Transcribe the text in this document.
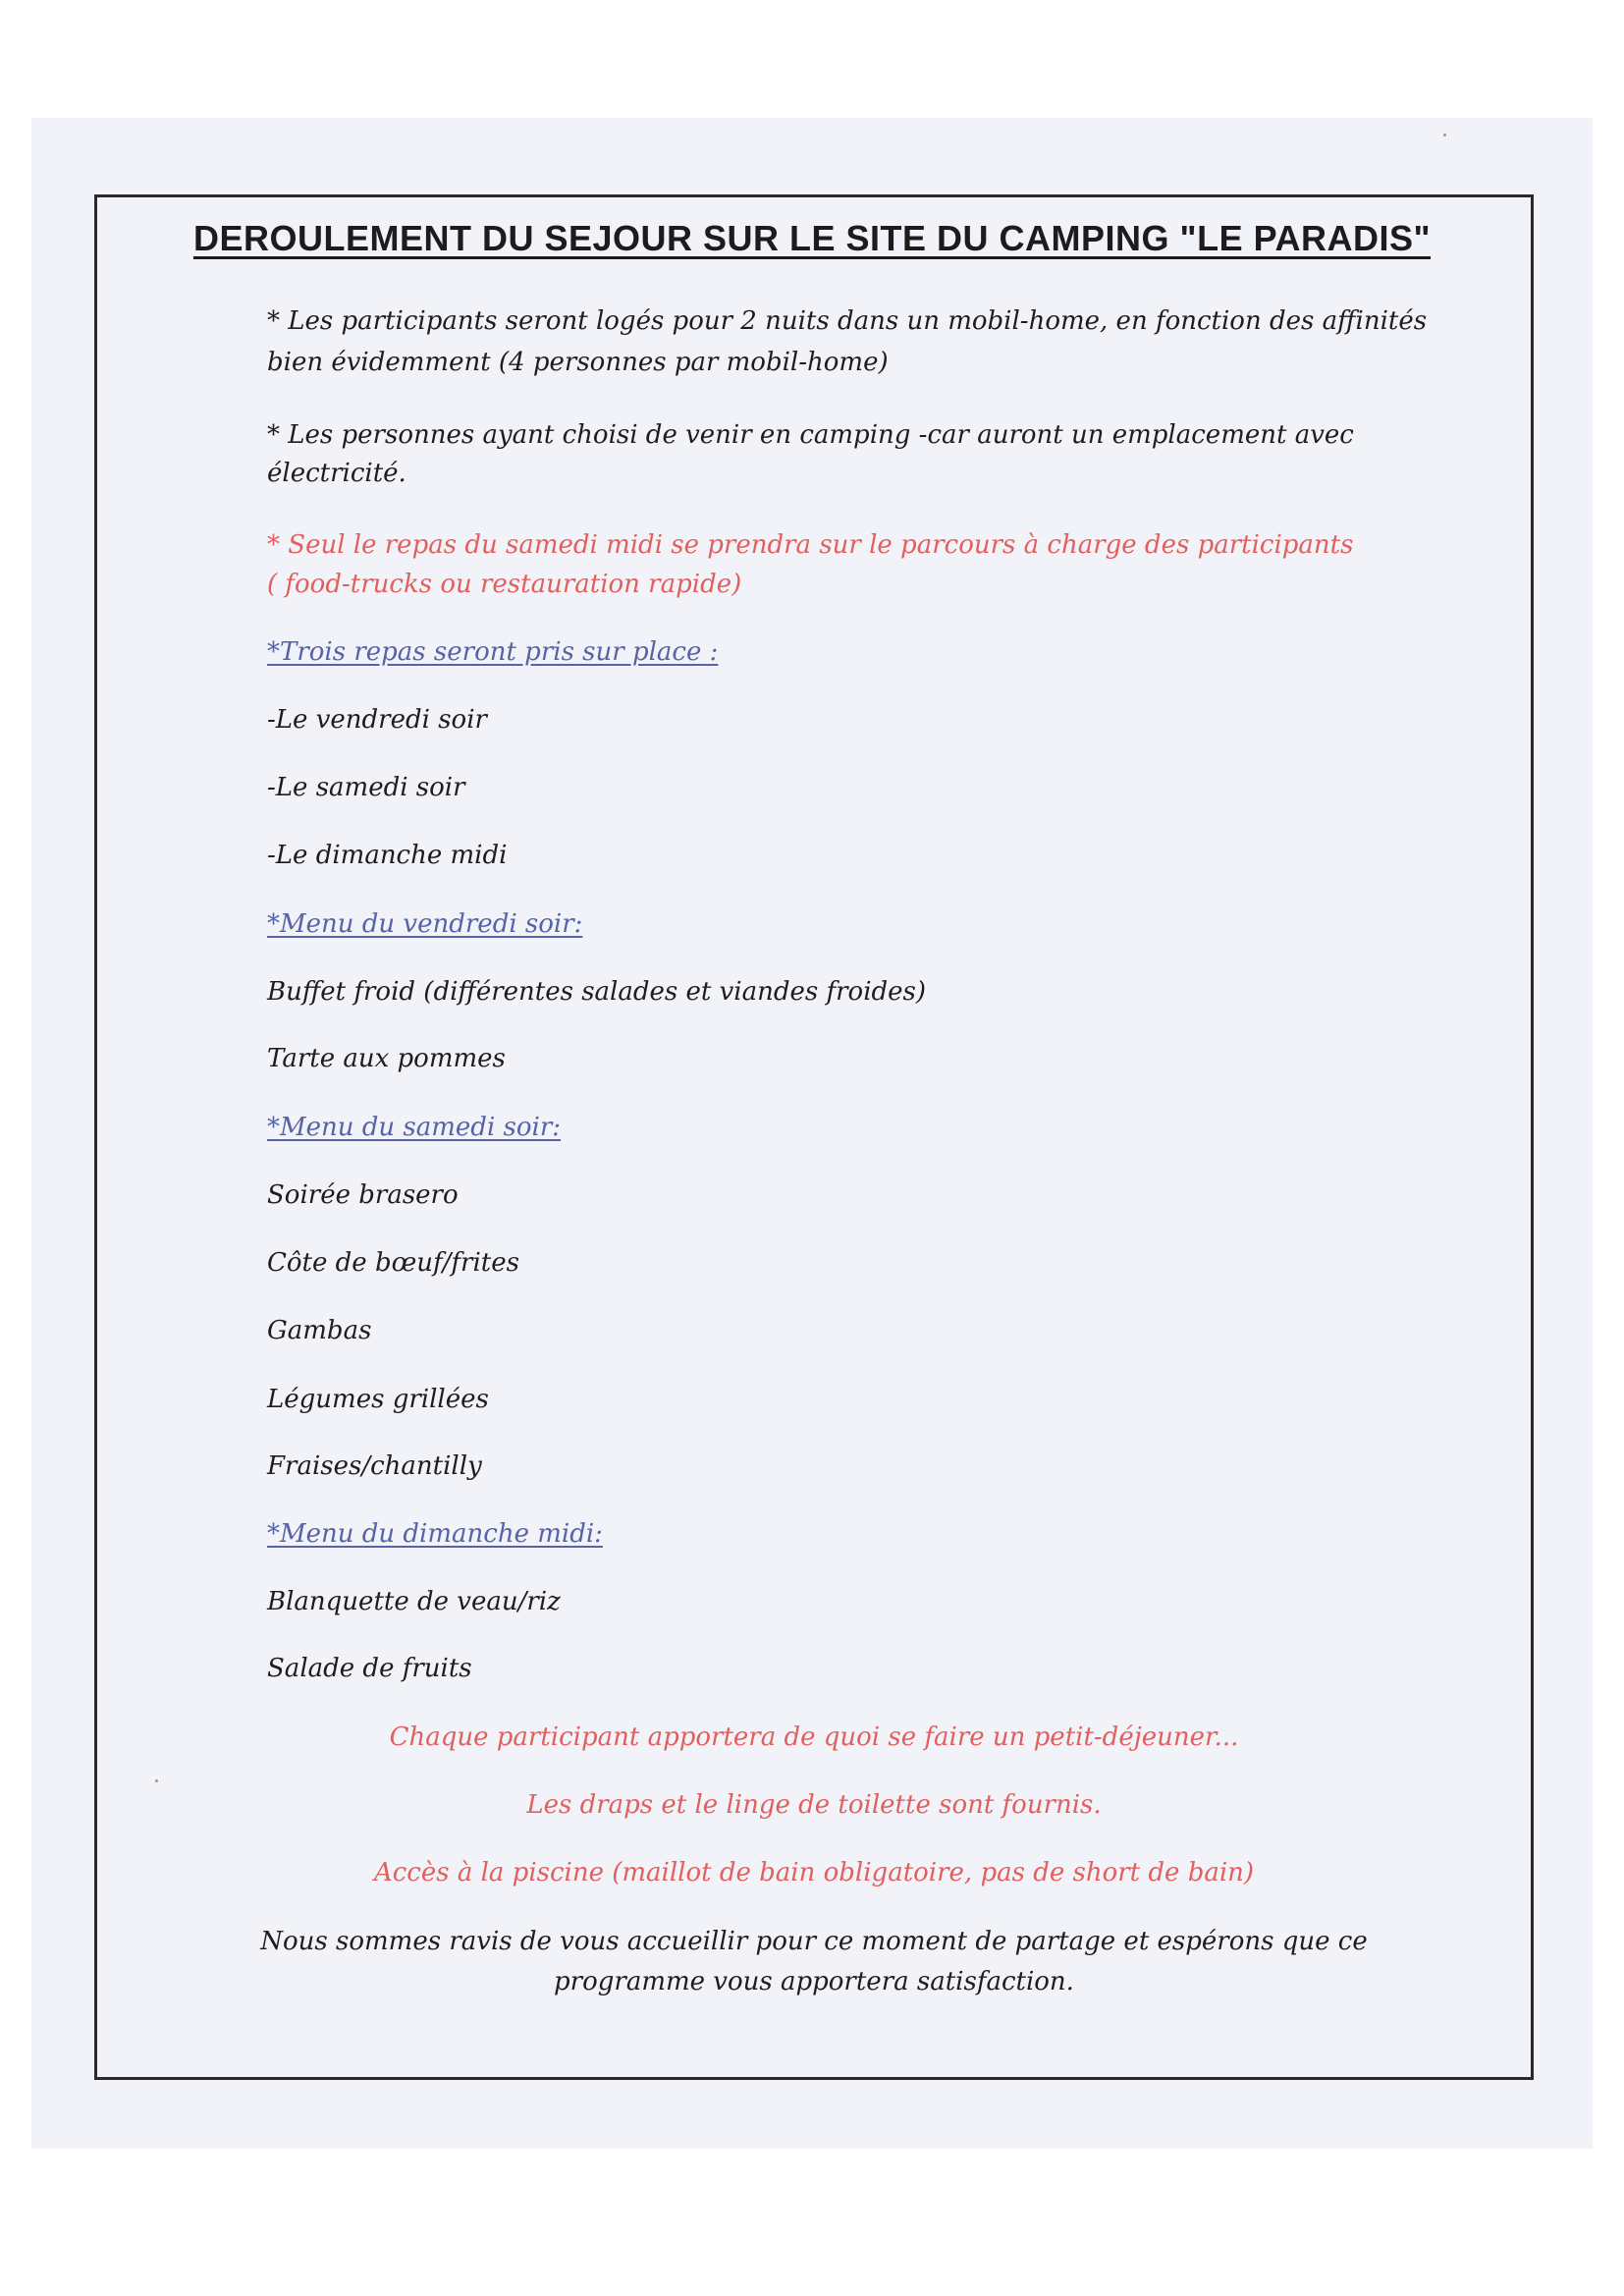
DEROULEMENT DU SEJOUR SUR LE SITE DU CAMPING "LE PARADIS"

* Les participants seront logés pour 2 nuits dans un mobil-home, en fonction des affinités

bien évidemment (4 personnes par mobil-home)

* Les personnes ayant choisi de venir en camping -car auront un emplacement avec

électricité.

* Seul le repas du samedi midi se prendra sur le parcours à charge des participants

( food-trucks ou restauration rapide)

*Trois repas seront pris sur place :

-Le vendredi soir

-Le samedi soir

-Le dimanche midi

*Menu du vendredi soir:

Buffet froid (différentes salades et viandes froides)

Tarte aux pommes

*Menu du samedi soir:

Soirée brasero

Côte de bœuf/frites

Gambas

Légumes grillées

Fraises/chantilly

*Menu du dimanche midi:

Blanquette de veau/riz

Salade de fruits

Chaque participant apportera de quoi se faire un petit-déjeuner...

Les draps et le linge de toilette sont fournis.

Accès à la piscine (maillot de bain obligatoire, pas de short de bain)

Nous sommes ravis de vous accueillir pour ce moment de partage et espérons que ce

programme vous apportera satisfaction.
